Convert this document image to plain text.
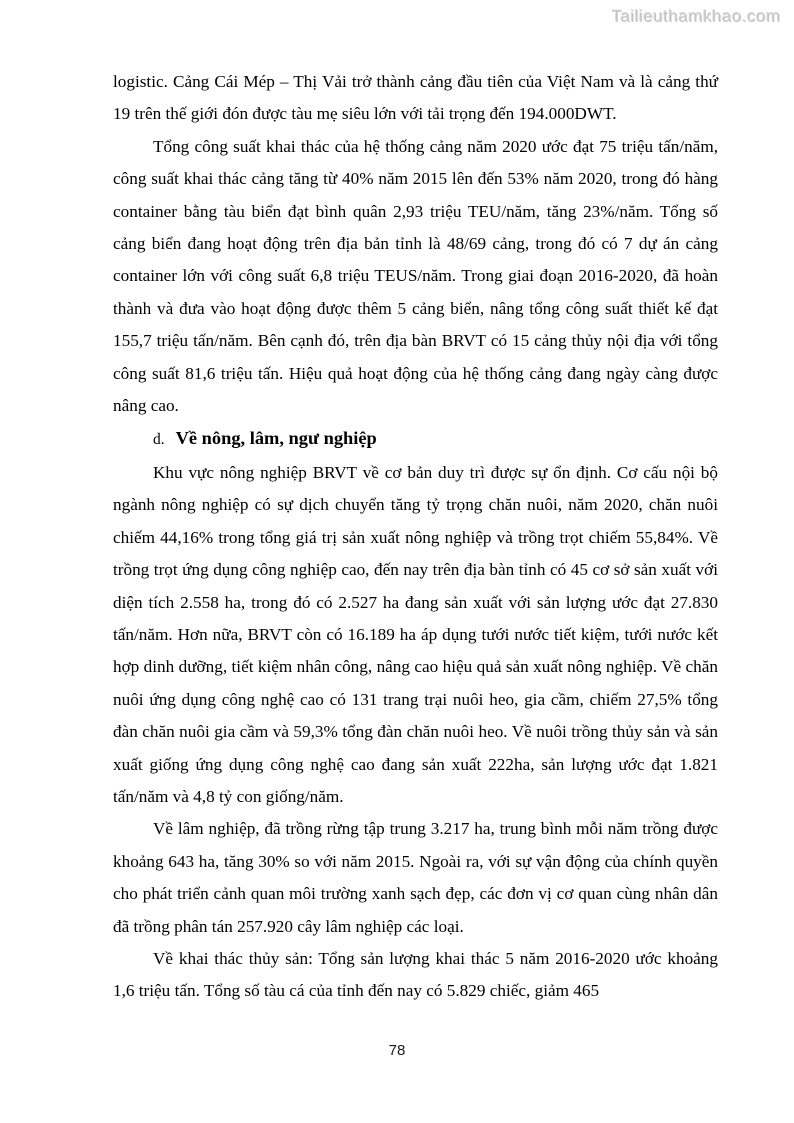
Tailieuthamkhao.com

logistic. Cảng Cái Mép – Thị Vải trở thành cảng đầu tiên của Việt Nam và là cảng thứ 19 trên thế giới đón được tàu mẹ siêu lớn với tải trọng đến 194.000DWT.

Tổng công suất khai thác của hệ thống cảng năm 2020 ước đạt 75 triệu tấn/năm, công suất khai thác cảng tăng từ 40% năm 2015 lên đến 53% năm 2020, trong đó hàng container bằng tàu biển đạt bình quân 2,93 triệu TEU/năm, tăng 23%/năm. Tổng số cảng biển đang hoạt động trên địa bản tỉnh là 48/69 cảng, trong đó có 7 dự án cảng container lớn với công suất 6,8 triệu TEUS/năm. Trong giai đoạn 2016-2020, đã hoàn thành và đưa vào hoạt động được thêm 5 cảng biển, nâng tổng công suất thiết kế đạt 155,7 triệu tấn/năm. Bên cạnh đó, trên địa bàn BRVT có 15 cảng thủy nội địa với tổng công suất 81,6 triệu tấn. Hiệu quả hoạt động của hệ thống cảng đang ngày càng được nâng cao.

d. Về nông, lâm, ngư nghiệp

Khu vực nông nghiệp BRVT về cơ bản duy trì được sự ổn định. Cơ cấu nội bộ ngành nông nghiệp có sự dịch chuyển tăng tỷ trọng chăn nuôi, năm 2020, chăn nuôi chiếm 44,16% trong tổng giá trị sản xuất nông nghiệp và trồng trọt chiếm 55,84%. Về trồng trọt ứng dụng công nghiệp cao, đến nay trên địa bàn tỉnh có 45 cơ sở sản xuất với diện tích 2.558 ha, trong đó có 2.527 ha đang sản xuất với sản lượng ước đạt 27.830 tấn/năm. Hơn nữa, BRVT còn có 16.189 ha áp dụng tưới nước tiết kiệm, tưới nước kết hợp dinh dưỡng, tiết kiệm nhân công, nâng cao hiệu quả sản xuất nông nghiệp. Về chăn nuôi ứng dụng công nghệ cao có 131 trang trại nuôi heo, gia cầm, chiếm 27,5% tổng đàn chăn nuôi gia cầm và 59,3% tổng đàn chăn nuôi heo. Về nuôi trồng thủy sản và sản xuất giống ứng dụng công nghệ cao đang sản xuất 222ha, sản lượng ước đạt 1.821 tấn/năm và 4,8 tỷ con giống/năm.

Về lâm nghiệp, đã trồng rừng tập trung 3.217 ha, trung bình mỗi năm trồng được khoảng 643 ha, tăng 30% so với năm 2015. Ngoài ra, với sự vận động của chính quyền cho phát triển cảnh quan môi trường xanh sạch đẹp, các đơn vị cơ quan cùng nhân dân đã trồng phân tán 257.920 cây lâm nghiệp các loại.

Về khai thác thủy sản: Tổng sản lượng khai thác 5 năm 2016-2020 ước khoảng 1,6 triệu tấn. Tổng số tàu cá của tỉnh đến nay có 5.829 chiếc, giảm 465

78
